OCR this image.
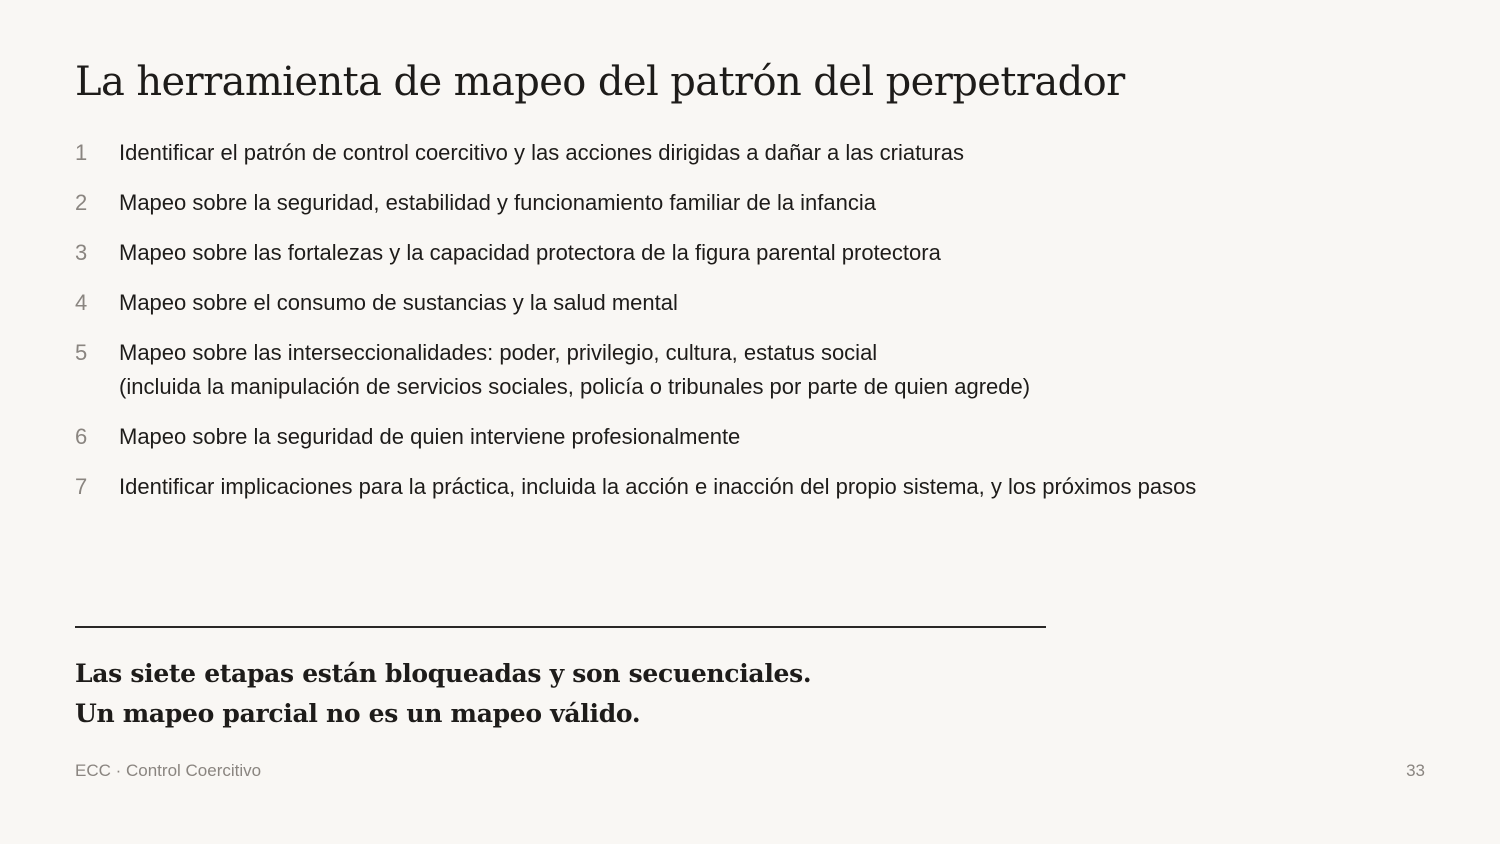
La herramienta de mapeo del patrón del perpetrador
1	Identificar el patrón de control coercitivo y las acciones dirigidas a dañar a las criaturas
2	Mapeo sobre la seguridad, estabilidad y funcionamiento familiar de la infancia
3	Mapeo sobre las fortalezas y la capacidad protectora de la figura parental protectora
4	Mapeo sobre el consumo de sustancias y la salud mental
5	Mapeo sobre las interseccionalidades: poder, privilegio, cultura, estatus social
(incluida la manipulación de servicios sociales, policía o tribunales por parte de quien agrede)
6	Mapeo sobre la seguridad de quien interviene profesionalmente
7	Identificar implicaciones para la práctica, incluida la acción e inacción del propio sistema, y los próximos pasos
Las siete etapas están bloqueadas y son secuenciales.
Un mapeo parcial no es un mapeo válido.
ECC · Control Coercitivo	33
